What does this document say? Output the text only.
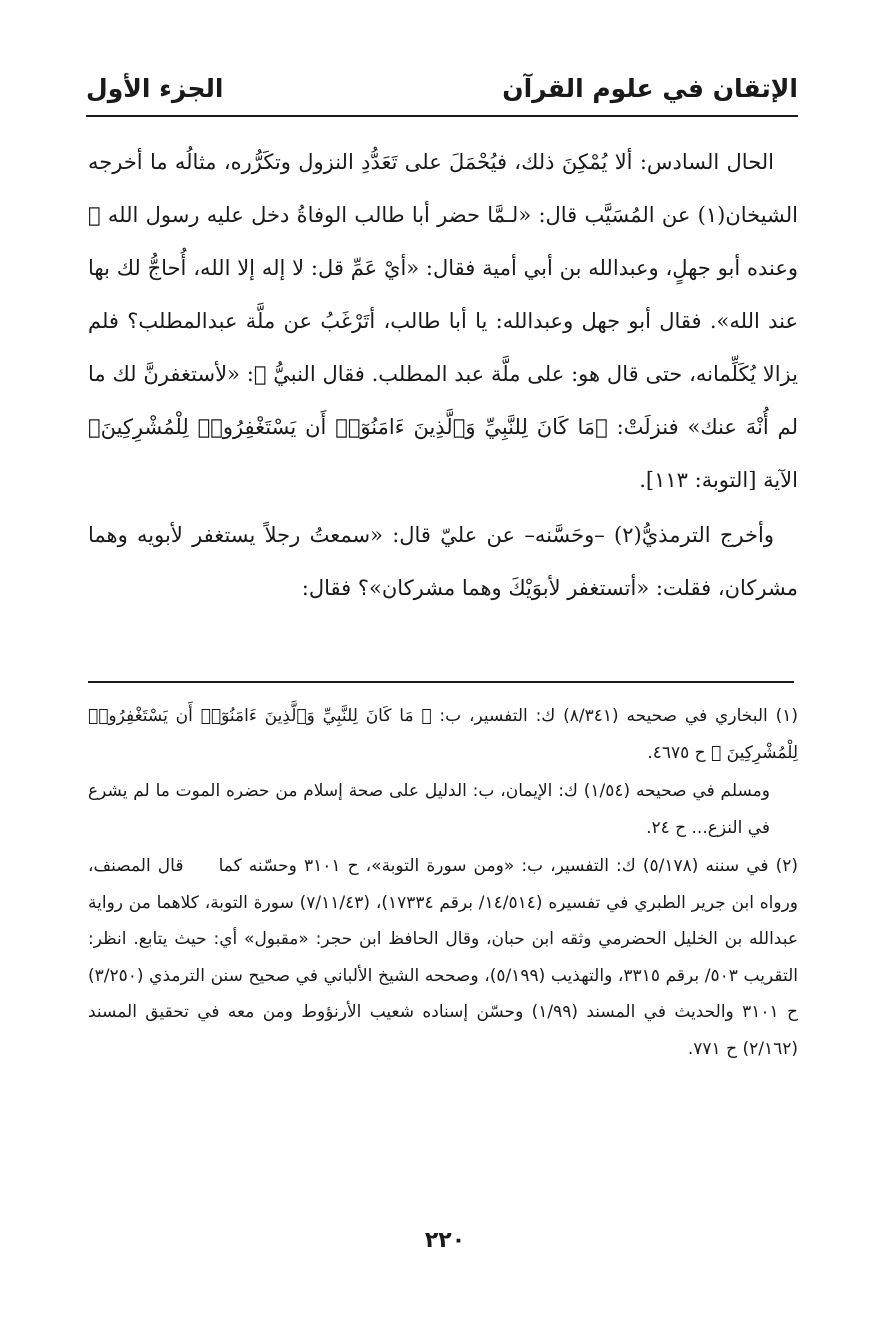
الإتقان في علوم القرآن
الجزء الأول

الحال السادس: ألا يُمْكِنَ ذلك، فيُحْمَلَ على تَعَدُّدِ النزول وتكَرُّره، مثالُه ما أخرجه الشيخان(١) عن المُسَيَّب قال: «لـمَّا حضر أبا طالب الوفاةُ دخل عليه رسول الله ﷺ وعنده أبو جهلٍ، وعبدالله بن أبي أمية فقال: «أيْ عَمِّ قل: لا إله إلا الله، أُحاجُّ لك بها عند الله». فقال أبو جهل وعبدالله: يا أبا طالب، أتَرْغَبُ عن ملَّة عبدالمطلب؟ فلم يزالا يُكَلِّمانه، حتى قال هو: على ملَّة عبد المطلب. فقال النبيُّ ﷺ: «لأستغفرنَّ لك ما لم أُنْهَ عنك» فنزلَتْ: ﴿مَا كَانَ لِلنَّبِيِّ وَٱلَّذِينَ ءَامَنُوٓا۟ أَن يَسْتَغْفِرُوا۟ لِلْمُشْرِكِينَ﴾ الآية [التوبة: ١١٣].

وأخرج الترمذيُّ(٢) –وحَسَّنه– عن عليّ قال: «سمعتُ رجلاً يستغفر لأبويه وهما مشركان، فقلت: «أتستغفر لأبوَيْكَ وهما مشركان»؟ فقال:

(١) البخاري في صحيحه (٨/٣٤١) ك: التفسير، ب: ﴿ مَا كَانَ لِلنَّبِيِّ وَٱلَّذِينَ ءَامَنُوٓا۟ أَن يَسْتَغْفِرُوا۟ لِلْمُشْرِكِينَ ﴾ ح ٤٦٧٥.

ومسلم في صحيحه (١/٥٤) ك: الإيمان، ب: الدليل على صحة إسلام من حضره الموت ما لم يشرع في النزع... ح ٢٤.

(٢) في سننه (٥/١٧٨) ك: التفسير، ب: «ومن سورة التوبة»، ح ٣١٠١ وحسّنه كما قال المصنف، ورواه ابن جرير الطبري في تفسيره (١٤/٥١٤/ برقم ١٧٣٣٤)، (٧/١١/٤٣) سورة التوبة، كلاهما من رواية عبدالله بن الخليل الحضرمي وثقه ابن حبان، وقال الحافظ ابن حجر: «مقبول» أي: حيث يتابع. انظر: التقريب ٥٠٣/ برقم ٣٣١٥، والتهذيب (٥/١٩٩)، وصححه الشيخ الألباني في صحيح سنن الترمذي (٣/٢٥٠) ح ٣١٠١ والحديث في المسند (١/٩٩) وحسّن إسناده شعيب الأرنؤوط ومن معه في تحقيق المسند (٢/١٦٢) ح ٧٧١.

٢٢٠
